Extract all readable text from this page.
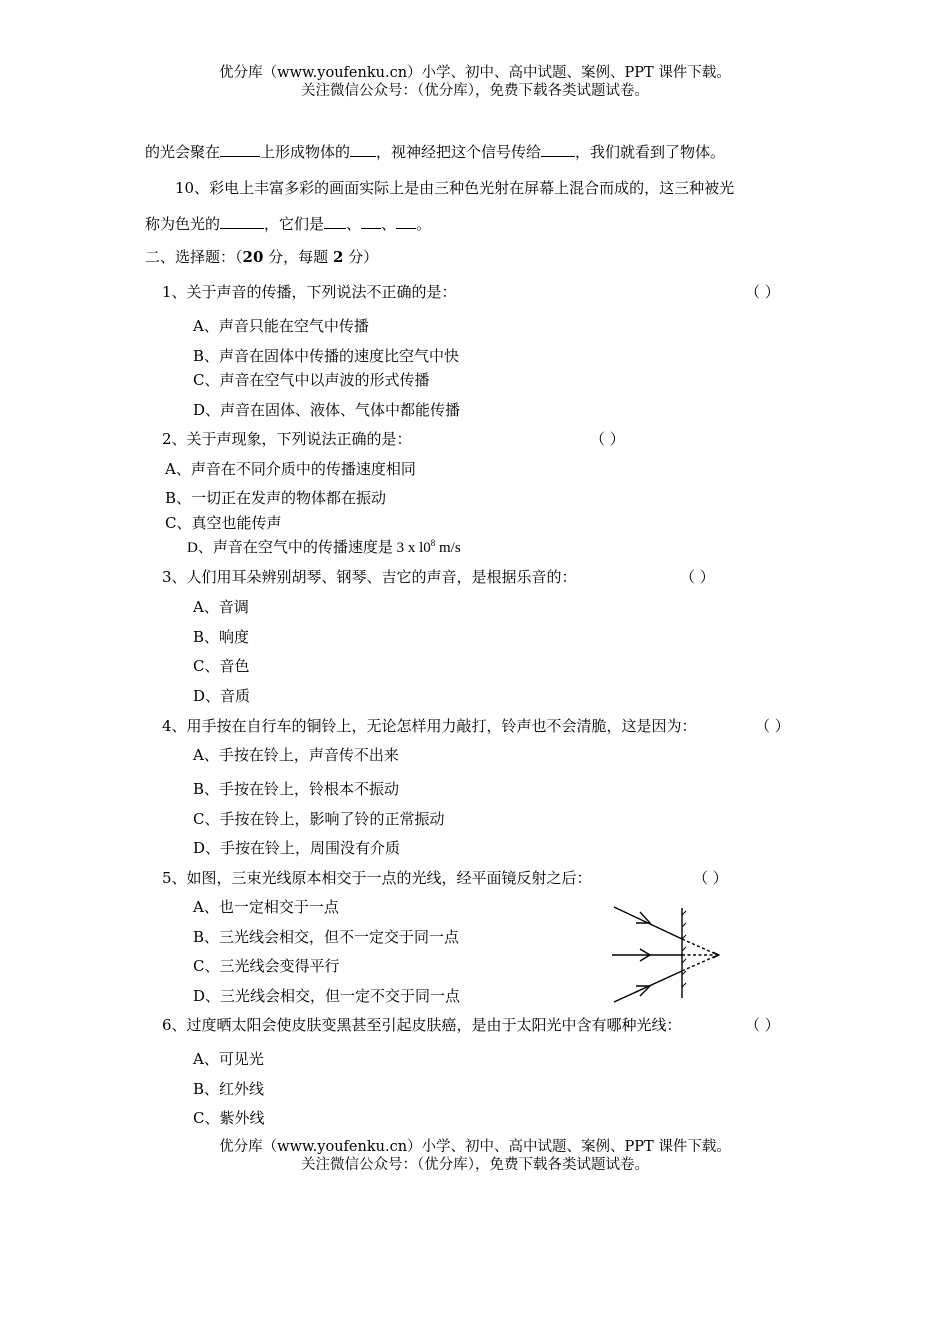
优分库（www.youfenku.cn）小学、初中、高中试题、案例、PPT 课件下载。
关注微信公众号：（优分库），免费下载各类试题试卷。
的光会聚在	上形成物体的 ，视神经把这个信号传给 ，我们就看到了物体。
10、彩电上丰富多彩的画面实际上是由三种色光射在屏幕上混合而成的，这三种被光
称为色光的	，它们是 、 、 。
二、选择题：（20 分，每题 2 分）
1、关于声音的传播，下列说法不正确的是：	（ ）
A、声音只能在空气中传播
B、声音在固体中传播的速度比空气中快
C、声音在空气中以声波的形式传播
D、声音在固体、液体、气体中都能传播
2、关于声现象，下列说法正确的是：	（ ）
A、声音在不同介质中的传播速度相同
B、一切正在发声的物体都在振动
C、真空也能传声
D、声音在空气中的传播速度是 3 x $l0^8$ m/s
3、人们用耳朵辨别胡琴、钢琴、吉它的声音，是根据乐音的：	（ ）
A、音调
B、响度
C、音色
D、音质
4、用手按在自行车的铜铃上，无论怎样用力敲打，铃声也不会清脆，这是因为：	（ ）
A、手按在铃上，声音传不出来
B、手按在铃上，铃根本不振动
C、手按在铃上，影响了铃的正常振动
D、手按在铃上，周围没有介质
5、如图，三束光线原本相交于一点的光线，经平面镜反射之后：	（ ）
A、也一定相交于一点
B、三光线会相交，但不一定交于同一点
C、三光线会变得平行
D、三光线会相交，但一定不交于同一点
6、过度晒太阳会使皮肤变黑甚至引起皮肤癌，是由于太阳光中含有哪种光线：	（ ）
A、可见光
B、红外线
C、紫外线
优分库（www.youfenku.cn）小学、初中、高中试题、案例、PPT 课件下载。
关注微信公众号：（优分库），免费下载各类试题试卷。
